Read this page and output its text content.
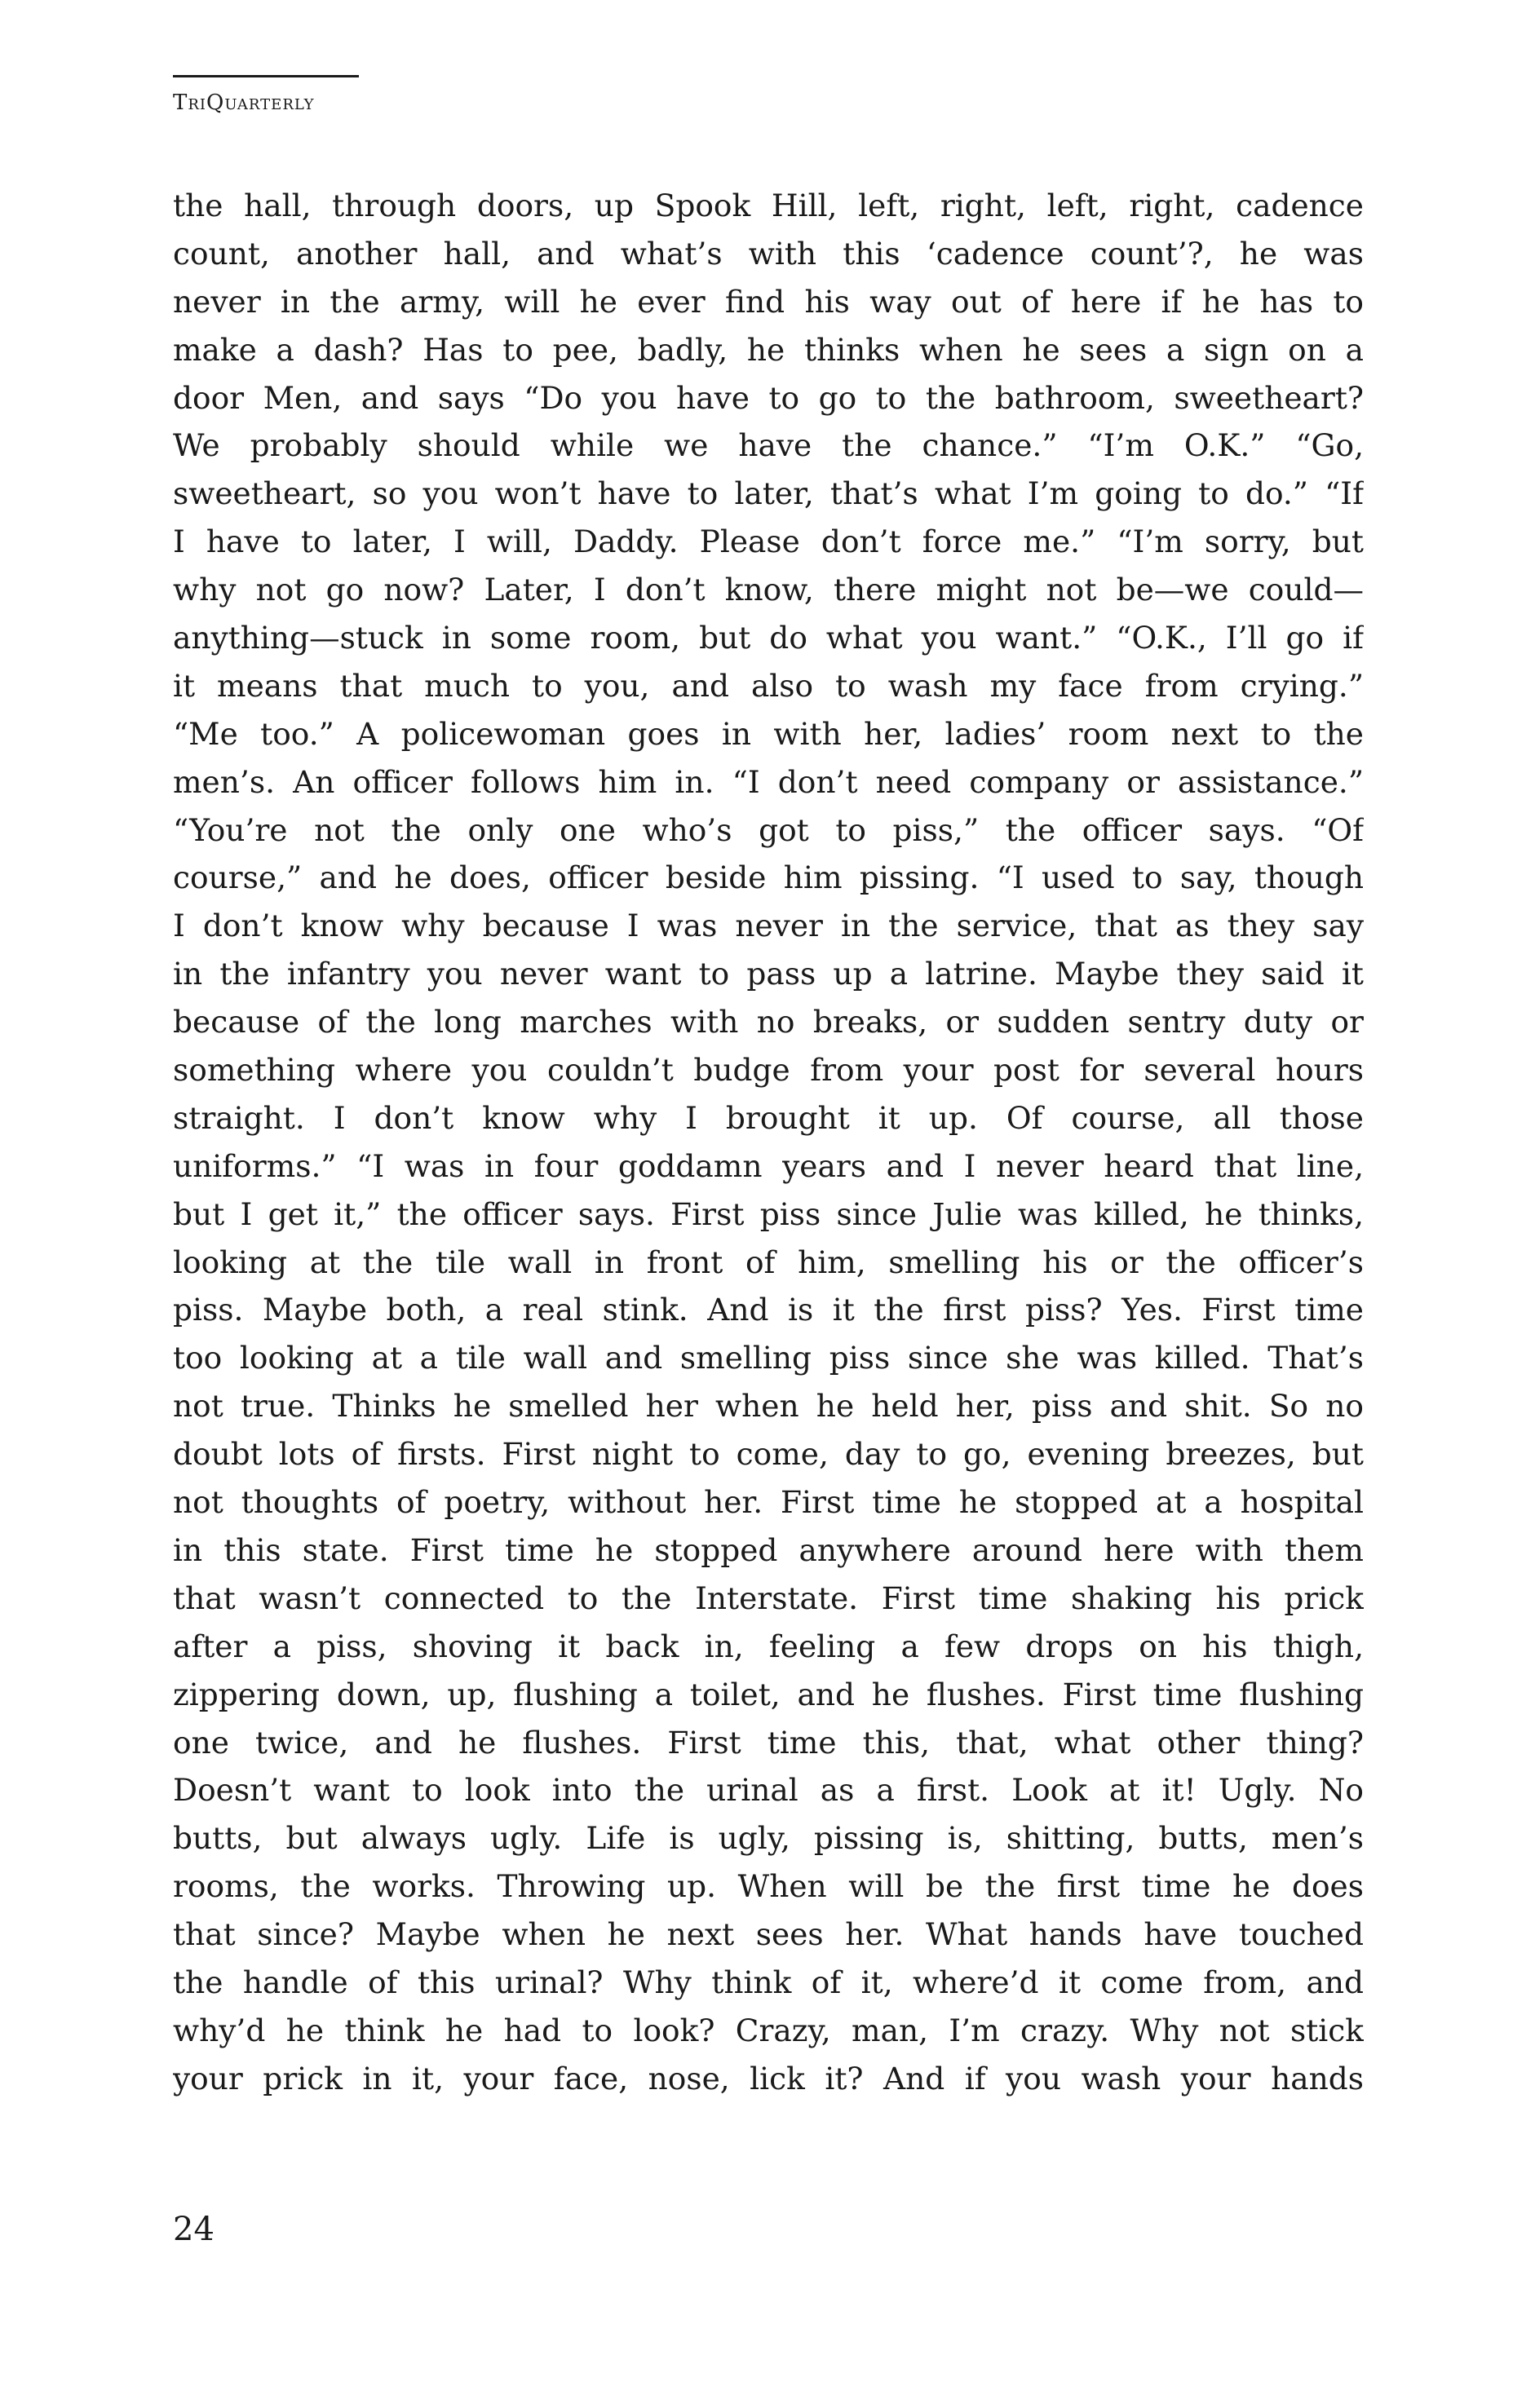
TriQuarterly
the hall, through doors, up Spook Hill, left, right, left, right, cadence
count, another hall, and what’s with this ‘cadence count’?, he was
never in the army, will he ever find his way out of here if he has to
make a dash? Has to pee, badly, he thinks when he sees a sign on a
door Men, and says “Do you have to go to the bathroom, sweetheart?
We probably should while we have the chance.” “I’m O.K.” “Go,
sweetheart, so you won’t have to later, that’s what I’m going to do.” “If
I have to later, I will, Daddy. Please don’t force me.” “I’m sorry, but
why not go now? Later, I don’t know, there might not be—we could—
anything—stuck in some room, but do what you want.” “O.K., I’ll go if
it means that much to you, and also to wash my face from crying.”
“Me too.” A policewoman goes in with her, ladies’ room next to the
men’s. An officer follows him in. “I don’t need company or assistance.”
“You’re not the only one who’s got to piss,” the officer says. “Of
course,” and he does, officer beside him pissing. “I used to say, though
I don’t know why because I was never in the service, that as they say
in the infantry you never want to pass up a latrine. Maybe they said it
because of the long marches with no breaks, or sudden sentry duty or
something where you couldn’t budge from your post for several hours
straight. I don’t know why I brought it up. Of course, all those
uniforms.” “I was in four goddamn years and I never heard that line,
but I get it,” the officer says. First piss since Julie was killed, he thinks,
looking at the tile wall in front of him, smelling his or the officer’s
piss. Maybe both, a real stink. And is it the first piss? Yes. First time
too looking at a tile wall and smelling piss since she was killed. That’s
not true. Thinks he smelled her when he held her, piss and shit. So no
doubt lots of firsts. First night to come, day to go, evening breezes, but
not thoughts of poetry, without her. First time he stopped at a hospital
in this state. First time he stopped anywhere around here with them
that wasn’t connected to the Interstate. First time shaking his prick
after a piss, shoving it back in, feeling a few drops on his thigh,
zippering down, up, flushing a toilet, and he flushes. First time flushing
one twice, and he flushes. First time this, that, what other thing?
Doesn’t want to look into the urinal as a first. Look at it! Ugly. No
butts, but always ugly. Life is ugly, pissing is, shitting, butts, men’s
rooms, the works. Throwing up. When will be the first time he does
that since? Maybe when he next sees her. What hands have touched
the handle of this urinal? Why think of it, where’d it come from, and
why’d he think he had to look? Crazy, man, I’m crazy. Why not stick
your prick in it, your face, nose, lick it? And if you wash your hands
24
